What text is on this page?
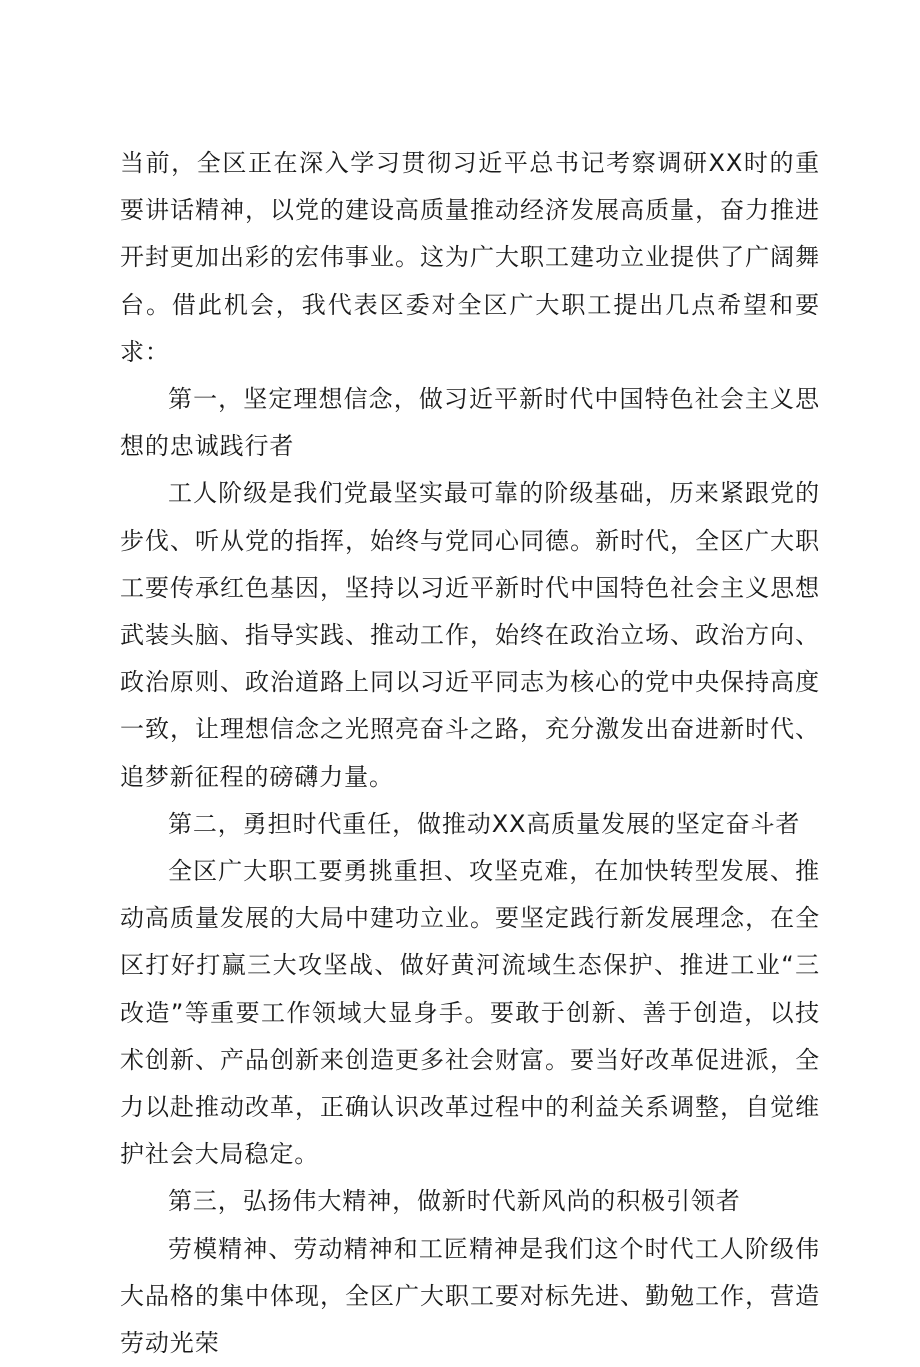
当前，全区正在深入学习贯彻习近平总书记考察调研XX时的重要讲话精神，以党的建设高质量推动经济发展高质量，奋力推进开封更加出彩的宏伟事业。这为广大职工建功立业提供了广阔舞台。借此机会，我代表区委对全区广大职工提出几点希望和要求：

第一，坚定理想信念，做习近平新时代中国特色社会主义思想的忠诚践行者

工人阶级是我们党最坚实最可靠的阶级基础，历来紧跟党的步伐、听从党的指挥，始终与党同心同德。新时代，全区广大职工要传承红色基因，坚持以习近平新时代中国特色社会主义思想武装头脑、指导实践、推动工作，始终在政治立场、政治方向、政治原则、政治道路上同以习近平同志为核心的党中央保持高度一致，让理想信念之光照亮奋斗之路，充分激发出奋进新时代、追梦新征程的磅礴力量。

第二，勇担时代重任，做推动XX高质量发展的坚定奋斗者

全区广大职工要勇挑重担、攻坚克难，在加快转型发展、推动高质量发展的大局中建功立业。要坚定践行新发展理念，在全区打好打赢三大攻坚战、做好黄河流域生态保护、推进工业“三改造”等重要工作领域大显身手。要敢于创新、善于创造，以技术创新、产品创新来创造更多社会财富。要当好改革促进派，全力以赴推动改革，正确认识改革过程中的利益关系调整，自觉维护社会大局稳定。

第三，弘扬伟大精神，做新时代新风尚的积极引领者

劳模精神、劳动精神和工匠精神是我们这个时代工人阶级伟大品格的集中体现，全区广大职工要对标先进、勤勉工作，营造劳动光荣
